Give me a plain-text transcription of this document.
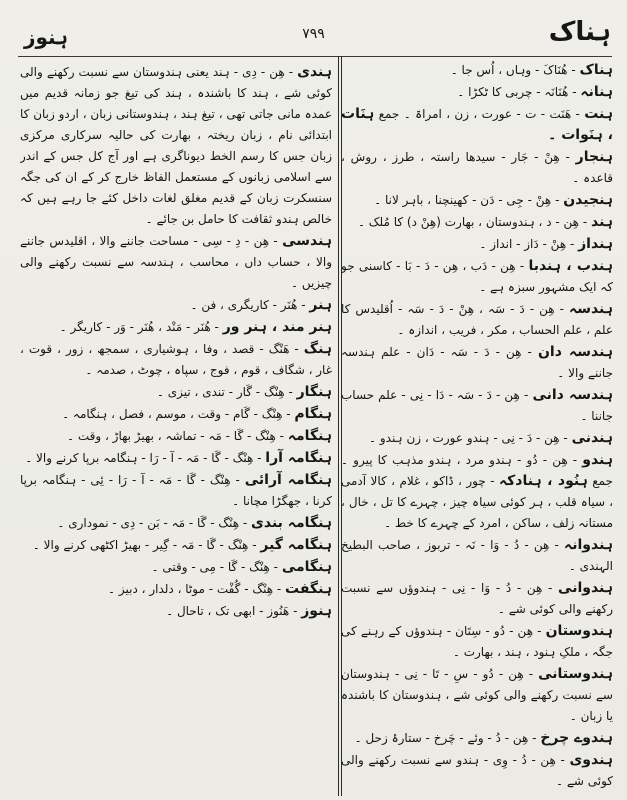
ہناک
۷۹۹
ہنوز

ہناک - ھُنَاکَ - وہاں ، اُس جا ۔

ہنانہ - ھُنَانَہ - چربی کا ٹکڑا ۔

ہنت - ھَنَت - ت - عورت ، زن ، امراۃ ۔ جمع ہنَات ، ہنَوات ۔

ہنجار - ھِنْ - جَار - سیدھا راستہ ، طرز ، روش ، قاعدہ ۔

ہنجیدن - ھِنْ - جِی - دَن - کھینچنا ، باہر لانا ۔

ہند - ھِن - د ، ہندوستان ، بھارت (ھِنْ د) کا مُلک ۔

ہنداز - ھِنْ - دَاز - انداز ۔

ہندب ، ہندبا - ھِن - دَب ، ھِن - دَ - بَا - کاسنی جو کہ ایک مشہور سبزہ ہے ۔

ہندسہ - ھِن - دَ - سَہ ، ھِنْ - دَ - سَہ - اُقلیدس کا علم ، علم الحساب ، مکر ، فریب ، اندازہ ۔

ہندسہ دان - ھِن - دَ - سَہ - دَان - علم ہندسہ جاننے والا ۔

ہندسہ دانی - ھِن - دَ - سَہ - دَا - نِی - علم حساب جاننا ۔

ہندنی - ھِن - دَ - نِی - ہندو عورت ، زن ہندو ۔

ہندو - ھِن - دُو - ہندو مرد ، ہندو مذہب کا پیرو ۔ جمع ہنُود ، ہنادکہ - چور ، ڈاکو ، غلام ، کالا آدمی ، سیاہ قلب ، ہر کوئی سیاہ چیز ، چہرے کا تل ، خال ، مستانہ زلف ، ساکن ، امرد کے چہرے کا خط ۔

ہندوانہ - ھِن - دُ - وَا - نَہ - تربوز ، صاحب البطیخ الہندی ۔

ہندوانی - ھِن - دُ - وَا - نِی - ہندوؤں سے نسبت رکھنے والی کوئی شے ۔

ہندوستان - ھِن - دُو - سِتَان - ہندوؤں کے رہنے کی جگہ ، ملکِ ہنود ، ہند ، بھارت ۔

ہندوستانی - ھِن - دُو - سِ - تَا - نِی - ہندوستان سے نسبت رکھنے والی کوئی شے ، ہندوستان کا باشندہ یا زبان ۔

ہندوے چرخ - ھِن - دُ - وئے - چَرخ - ستارۂ زحل ۔

ہندوی - ھِن - دُ - وِی - ہندو سے نسبت رکھنے والی کوئی شے ۔

ہندی - ھِن - دِی - ہند یعنی ہندوستان سے نسبت رکھنے والی کوئی شے ، ہند کا باشندہ ، ہند کی تیغ جو زمانہ قدیم میں عمدہ مانی جاتی تھی ، تیغ ہند ، ہندوستانی زبان ، اردو زبان کا ابتدائی نام ، زبان ریختہ ، بھارت کی حالیہ سرکاری مرکزی زبان جس کا رسم الخط دیوناگری ہے اور آج کل جس کے اندر سے اسلامی زبانوں کے مستعمل الفاظ خارج کر کے ان کی جگہ سنسکرت زبان کے قدیم مغلق لغات داخل کئے جا رہے ہیں کہ خالص ہندو ثقافت کا حامل بن جائے ۔

ہندسی - ھِن - دِ - سِی - مساحت جاننے والا ، اقلیدس جاننے والا ، حساب داں ، محاسب ، ہندسہ سے نسبت رکھنے والی چیزیں ۔

ہنر - ھُنَر - کاریگری ، فن ۔

ہنر مند ، ہنر ور - ھُنَر - مَنْد ، ھُنَر - وَر - کاریگر ۔

ہنگ - ھَنْگ - قصد ، وفا ، ہوشیاری ، سمجھ ، زور ، قوت ، غار ، شگاف ، قوم ، فوج ، سپاہ ، چوٹ ، صدمہ ۔

ہنگار - ھِنْگ - گَار - تندی ، تیزی ۔

ہنگام - ھِنْگ - گَام - وقت ، موسم ، فصل ، ہنگامہ ۔

ہنگامہ - ھِنْگ - گَا - مَہ - تماشہ ، بھیڑ بھاڑ ، وقت ۔

ہنگامہ آرا - ھِنْگ - گَا - مَہ - آ - رَا - ہنگامہ برپا کرنے والا ۔

ہنگامہ آرائی - ھِنْگ - گَا - مَہ - آ - رَا - ئِی - ہنگامہ برپا کرنا ، جھگڑا مچانا ۔

ہنگامہ بندی - ھِنْگ - گَا - مَہ - بَن - دِی - نموداری ۔

ہنگامہ گیر - ھِنْگ - گَا - مَہ - گِیر - بھیڑ اکٹھی کرنے والا ۔

ہنگامی - ھِنْگ - گَا - مِی - وقتی ۔

ہنگفت - ھِنْگ - گُفْت - موٹا ، دلدار ، دبیز ۔

ہنوز - ھَنُوز - ابھی تک ، تاحال ۔
